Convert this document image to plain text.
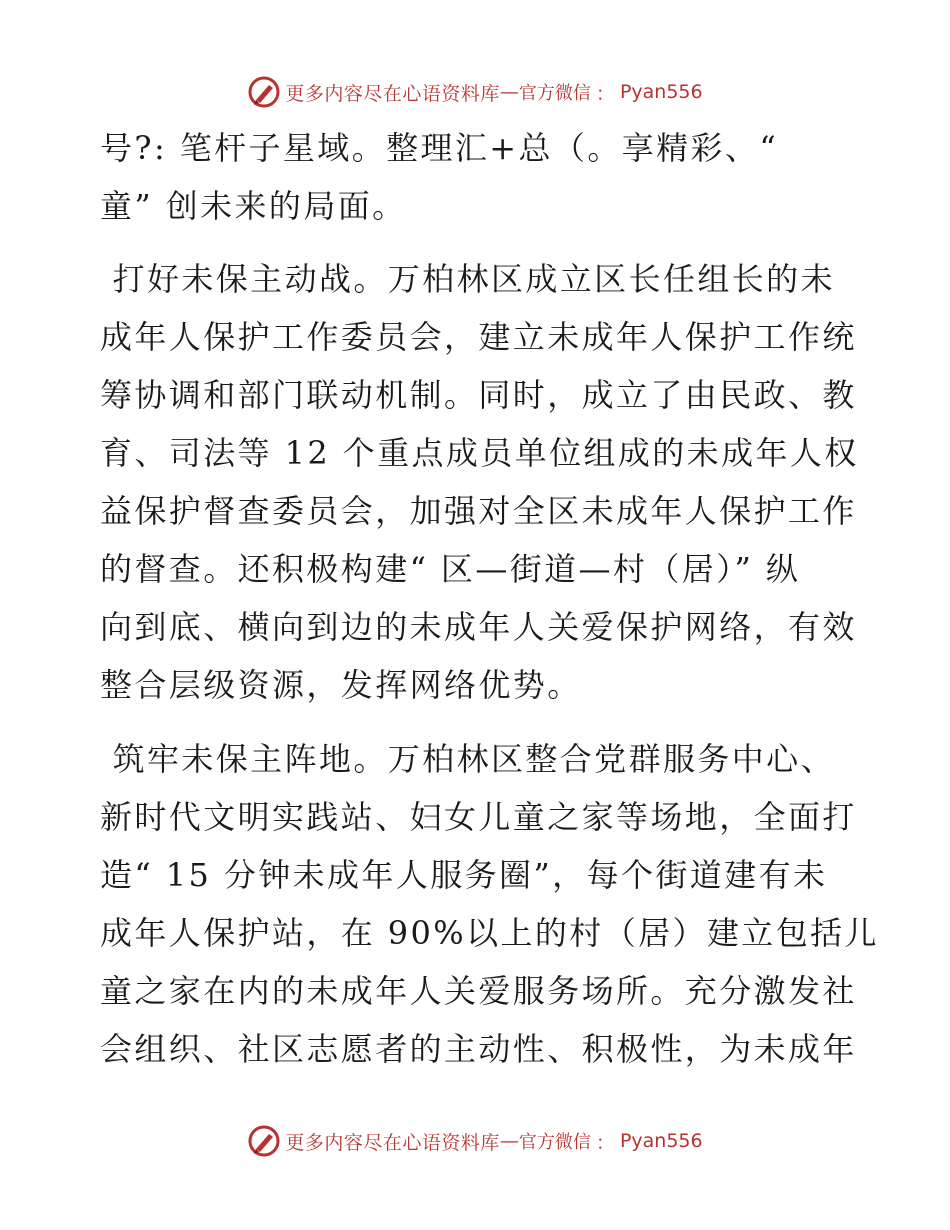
更多内容尽在心语资料库 — 官方微信 ： Pyan556
号?: 笔杆子星域。整理汇+总（。享精彩、“
童” 创未来的局面。
打好未保主动战。万柏林区成立区长任组长的未
成年人保护工作委员会，建立未成年人保护工作统
筹协调和部门联动机制。同时，成立了由民政、教
育、司法等 12 个重点成员单位组成的未成年人权
益保护督查委员会，加强对全区未成年人保护工作
的督查。还积极构建“ 区—街道—村（居）” 纵
向到底、横向到边的未成年人关爱保护网络，有效
整合层级资源，发挥网络优势。
筑牢未保主阵地。万柏林区整合党群服务中心、
新时代文明实践站、妇女儿童之家等场地，全面打
造“ 15 分钟未成年人服务圈”，每个街道建有未
成年人保护站，在 90%以上的村（居）建立包括儿
童之家在内的未成年人关爱服务场所。充分激发社
会组织、社区志愿者的主动性、积极性，为未成年
更多内容尽在心语资料库 — 官方微信 ： Pyan556
